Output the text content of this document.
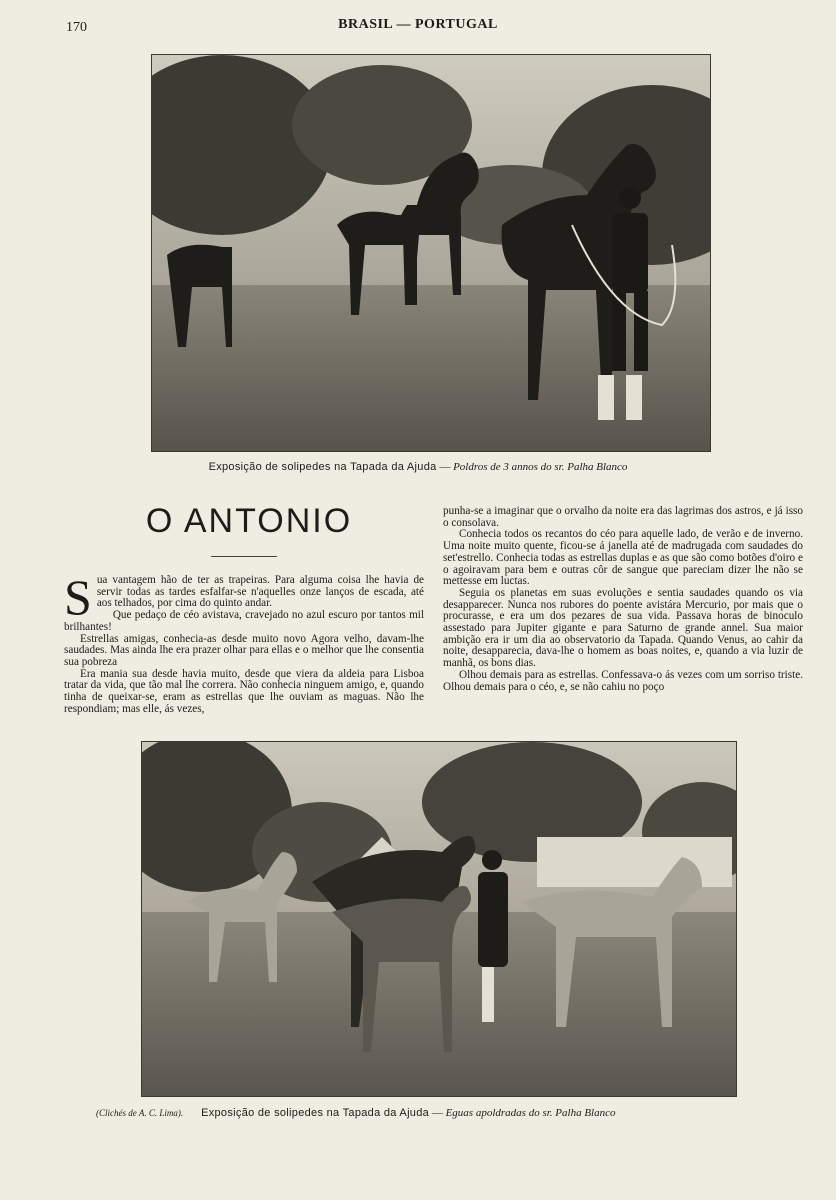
170	BRASIL — PORTUGAL
Exposição de solipedes na Tapada da Ajuda — Poldros de 3 annos do sr. Palha Blanco
O ANTONIO

Sua vantagem hão de ter as trapeiras. Para alguma coisa lhe havia de servir todas as tardes esfalfar-se n'aquelles onze lanços de escada, até aos telhados, por cima do quinto andar.

Que pedaço de céo avistava, cravejado no azul escuro por tantos mil brilhantes!

Estrellas amigas, conhecia-as desde muito novo Agora velho, davam-lhe saudades. Mas ainda lhe era prazer olhar para ellas e o melhor que lhe consentia sua pobreza

Era mania sua desde havia muito, desde que viera da aldeia para Lisboa tratar da vida, que tão mal lhe correra. Não conhecia ninguem amigo, e, quando tinha de queixar-se, eram as estrellas que lhe ouviam as maguas. Não lhe respondiam; mas elle, ás vezes,

punha-se a imaginar que o orvalho da noite era das lagrimas dos astros, e já isso o consolava.

Conhecia todos os recantos do céo para aquelle lado, de verão e de inverno. Uma noite muito quente, ficou-se á janella até de madrugada com saudades do set'estrello. Conhecia todas as estrellas duplas e as que são como botões d'oiro e o agoiravam para bem e outras côr de sangue que pareciam dizer lhe não se mettesse em luctas.

Seguia os planetas em suas evoluções e sentia saudades quando os via desapparecer. Nunca nos rubores do poente avistára Mercurio, por mais que o procurasse, e era um dos pezares de sua vida. Passava horas de binoculo assestado para Jupiter gigante e para Saturno de grande annel. Sua maior ambição era ir um dia ao observatorio da Tapada. Quando Venus, ao cahir da noite, desapparecia, dava-lhe o homem as boas noites, e, quando a via luzir de manhã, os bons dias.

Olhou demais para as estrellas. Confessava-o ás vezes com um sorriso triste. Olhou demais para o céo, e, se não cahiu no poço

(Clichés de A. C. Lima). Exposição de solipedes na Tapada da Ajuda — Eguas apoldradas do sr. Palha Blanco
